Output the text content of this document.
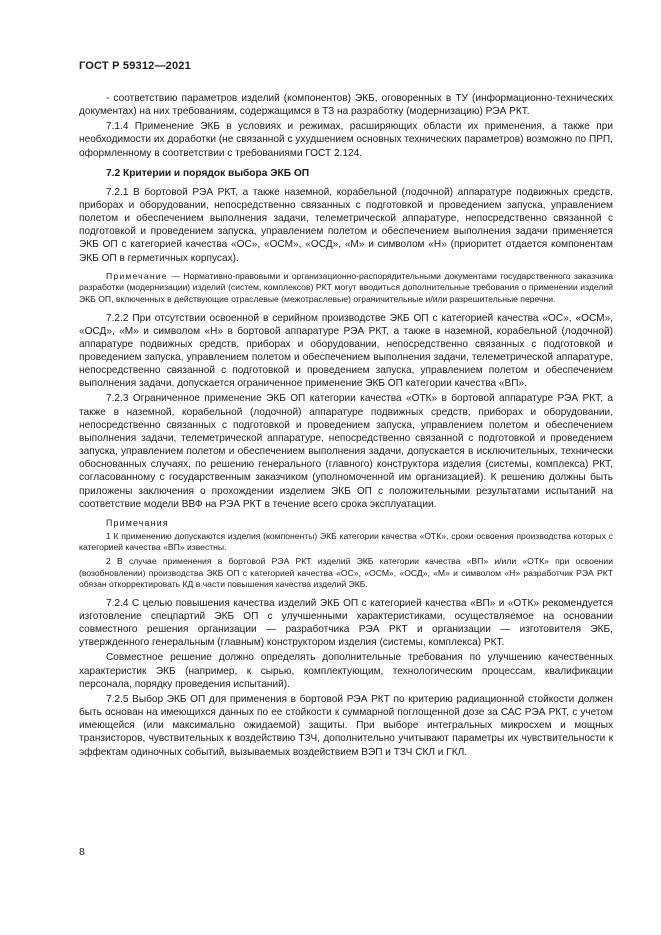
ГОСТ Р 59312—2021

- соответствию параметров изделий (компонентов) ЭКБ, оговоренных в ТУ (информационно-технических документах) на них требованиям, содержащимся в ТЗ на разработку (модернизацию) РЭА РКТ.

7.1.4 Применение ЭКБ в условиях и режимах, расширяющих области их применения, а также при необходимости их доработки (не связанной с ухудшением основных технических параметров) возможно по ПРП, оформленному в соответствии с требованиями ГОСТ 2.124.

7.2 Критерии и порядок выбора ЭКБ ОП

7.2.1 В бортовой РЭА РКТ, а также наземной, корабельной (лодочной) аппаратуре подвижных средств, приборах и оборудовании, непосредственно связанных с подготовкой и проведением запуска, управлением полетом и обеспечением выполнения задачи, телеметрической аппаратуре, непосредственно связанной с подготовкой и проведением запуска, управлением полетом и обеспечением выполнения задачи применяется ЭКБ ОП с категорией качества «ОС», «ОСМ», «ОСД», «М» и символом «Н» (приоритет отдается компонентам ЭКБ ОП в герметичных корпусах).

Примечание — Нормативно-правовыми и организационно-распорядительными документами государственного заказчика разработки (модернизации) изделий (систем, комплексов) РКТ могут вводиться дополнительные требования о применении изделий ЭКБ ОП, включенных в действующие отраслевые (межотраслевые) ограничительные и/или разрешительные перечни.

7.2.2 При отсутствии освоенной в серийном производстве ЭКБ ОП с категорией качества «ОС», «ОСМ», «ОСД», «М» и символом «Н» в бортовой аппаратуре РЭА РКТ, а также в наземной, корабельной (лодочной) аппаратуре подвижных средств, приборах и оборудовании, непосредственно связанных с подготовкой и проведением запуска, управлением полетом и обеспечением выполнения задачи, телеметрической аппаратуре, непосредственно связанной с подготовкой и проведением запуска, управлением полетом и обеспечением выполнения задачи, допускается ограниченное применение ЭКБ ОП категории качества «ВП».

7.2.3 Ограниченное применение ЭКБ ОП категории качества «ОТК» в бортовой аппаратуре РЭА РКТ, а также в наземной, корабельной (лодочной) аппаратуре подвижных средств, приборах и оборудовании, непосредственно связанных с подготовкой и проведением запуска, управлением полетом и обеспечением выполнения задачи, телеметрической аппаратуре, непосредственно связанной с подготовкой и проведением запуска, управлением полетом и обеспечением выполнения задачи, допускается в исключительных, технически обоснованных случаях, по решению генерального (главного) конструктора изделия (системы, комплекса) РКТ, согласованному с государственным заказчиком (уполномоченной им организацией). К решению должны быть приложены заключения о прохождении изделием ЭКБ ОП с положительными результатами испытаний на соответствие модели ВВФ на РЭА РКТ в течение всего срока эксплуатации.

Примечания

1 К применению допускаются изделия (компоненты) ЭКБ категории качества «ОТК», сроки освоения производства которых с категорией качества «ВП» известны.

2 В случае применения в бортовой РЭА РКТ изделий ЭКБ категории качества «ВП» и/или «ОТК» при освоении (возобновлении) производства ЭКБ ОП с категорией качества «ОС», «ОСМ», «ОСД», «М» и символом «Н» разработчик РЭА РКТ обязан откорректировать КД в части повышения качества изделий ЭКБ.

7.2.4 С целью повышения качества изделий ЭКБ ОП с категорией качества «ВП» и «ОТК» рекомендуется изготовление спецпартий ЭКБ ОП с улучшенными характеристиками, осуществляемое на основании совместного решения организации — разработчика РЭА РКТ и организации — изготовителя ЭКБ, утвержденного генеральным (главным) конструктором изделия (системы, комплекса) РКТ.

Совместное решение должно определять дополнительные требования по улучшению качественных характеристик ЭКБ (например, к сырью, комплектующим, технологическим процессам, квалификации персонала, порядку проведения испытаний).

7.2.5 Выбор ЭКБ ОП для применения в бортовой РЭА РКТ по критерию радиационной стойкости должен быть основан на имеющихся данных по ее стойкости к суммарной поглощенной дозе за САС РЭА РКТ, с учетом имеющейся (или максимально ожидаемой) защиты. При выборе интегральных микросхем и мощных транзисторов, чувствительных к воздействию ТЗЧ, дополнительно учитывают параметры их чувствительности к эффектам одиночных событий, вызываемых воздействием ВЭП и ТЗЧ СКЛ и ГКЛ.

8
